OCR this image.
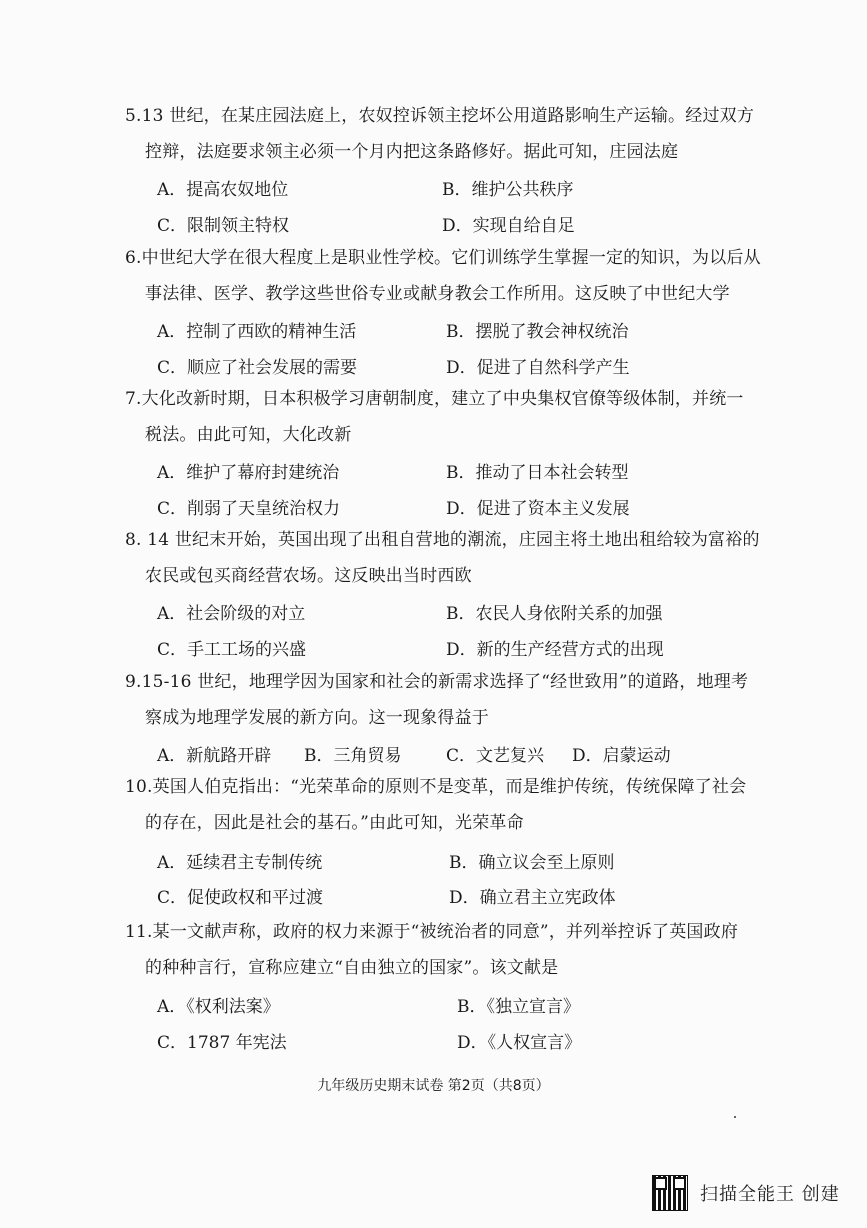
5.13 世纪，在某庄园法庭上，农奴控诉领主挖坏公用道路影响生产运输。经过双方
控辩，法庭要求领主必须一个月内把这条路修好。据此可知，庄园法庭
A．提高农奴地位	B．维护公共秩序
C．限制领主特权	D．实现自给自足
6.中世纪大学在很大程度上是职业性学校。它们训练学生掌握一定的知识，为以后从
事法律、医学、教学这些世俗专业或献身教会工作所用。这反映了中世纪大学
A．控制了西欧的精神生活	B．摆脱了教会神权统治
C．顺应了社会发展的需要	D．促进了自然科学产生
7.大化改新时期，日本积极学习唐朝制度，建立了中央集权官僚等级体制，并统一
税法。由此可知，大化改新
A．维护了幕府封建统治	B．推动了日本社会转型
C．削弱了天皇统治权力	D．促进了资本主义发展
8. 14 世纪末开始，英国出现了出租自营地的潮流，庄园主将土地出租给较为富裕的
农民或包买商经营农场。这反映出当时西欧
A．社会阶级的对立	B．农民人身依附关系的加强
C．手工工场的兴盛	D．新的生产经营方式的出现
9.15-16 世纪，地理学因为国家和社会的新需求选择了“经世致用”的道路，地理考
察成为地理学发展的新方向。这一现象得益于
A．新航路开辟 B．三角贸易	C．文艺复兴 D．启蒙运动
10.英国人伯克指出：“光荣革命的原则不是变革，而是维护传统，传统保障了社会
的存在，因此是社会的基石。”由此可知，光荣革命
A．延续君主专制传统	B．确立议会至上原则
C．促使政权和平过渡	D．确立君主立宪政体
11.某一文献声称，政府的权力来源于“被统治者的同意”，并列举控诉了英国政府
的种种言行，宣称应建立“自由独立的国家”。该文献是
A．《权利法案》	B．《独立宣言》
C．1787 年宪法	D．《人权宣言》
九年级历史期末试卷 第2页（共8页）
扫描全能王 创建
